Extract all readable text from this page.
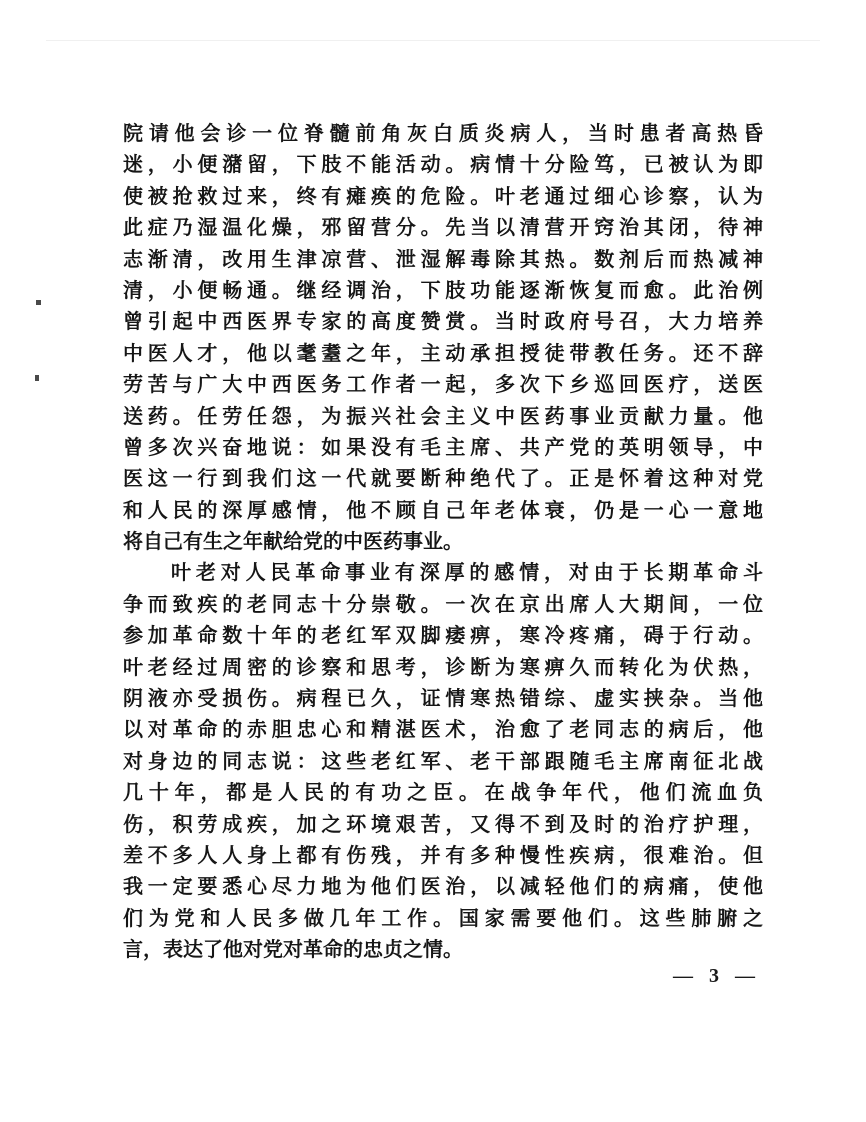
院请他会诊一位脊髓前角灰白质炎病人，当时患者高热昏
迷，小便潴留，下肢不能活动。病情十分险笃，已被认为即
使被抢救过来，终有瘫痪的危险。叶老通过细心诊察，认为
此症乃湿温化燥，邪留营分。先当以清营开窍治其闭，待神
志渐清，改用生津凉营、泄湿解毒除其热。数剂后而热减神
清，小便畅通。继经调治，下肢功能逐渐恢复而愈。此治例
曾引起中西医界专家的高度赞赏。当时政府号召，大力培养
中医人才，他以耄耋之年，主动承担授徒带教任务。还不辞
劳苦与广大中西医务工作者一起，多次下乡巡回医疗，送医
送药。任劳任怨，为振兴社会主义中医药事业贡献力量。他
曾多次兴奋地说：如果没有毛主席、共产党的英明领导，中
医这一行到我们这一代就要断种绝代了。正是怀着这种对党
和人民的深厚感情，他不顾自己年老体衰，仍是一心一意地
将自己有生之年献给党的中医药事业。
叶老对人民革命事业有深厚的感情，对由于长期革命斗
争而致疾的老同志十分崇敬。一次在京出席人大期间，一位
参加革命数十年的老红军双脚痿痹，寒冷疼痛，碍于行动。
叶老经过周密的诊察和思考，诊断为寒痹久而转化为伏热，
阴液亦受损伤。病程已久，证情寒热错综、虚实挟杂。当他
以对革命的赤胆忠心和精湛医术，治愈了老同志的病后，他
对身边的同志说：这些老红军、老干部跟随毛主席南征北战
几十年，都是人民的有功之臣。在战争年代，他们流血负
伤，积劳成疾，加之环境艰苦，又得不到及时的治疗护理，
差不多人人身上都有伤残，并有多种慢性疾病，很难治。但
我一定要悉心尽力地为他们医治，以减轻他们的病痛，使他
们为党和人民多做几年工作。国家需要他们。这些肺腑之
言，表达了他对党对革命的忠贞之情。
— 3 —
